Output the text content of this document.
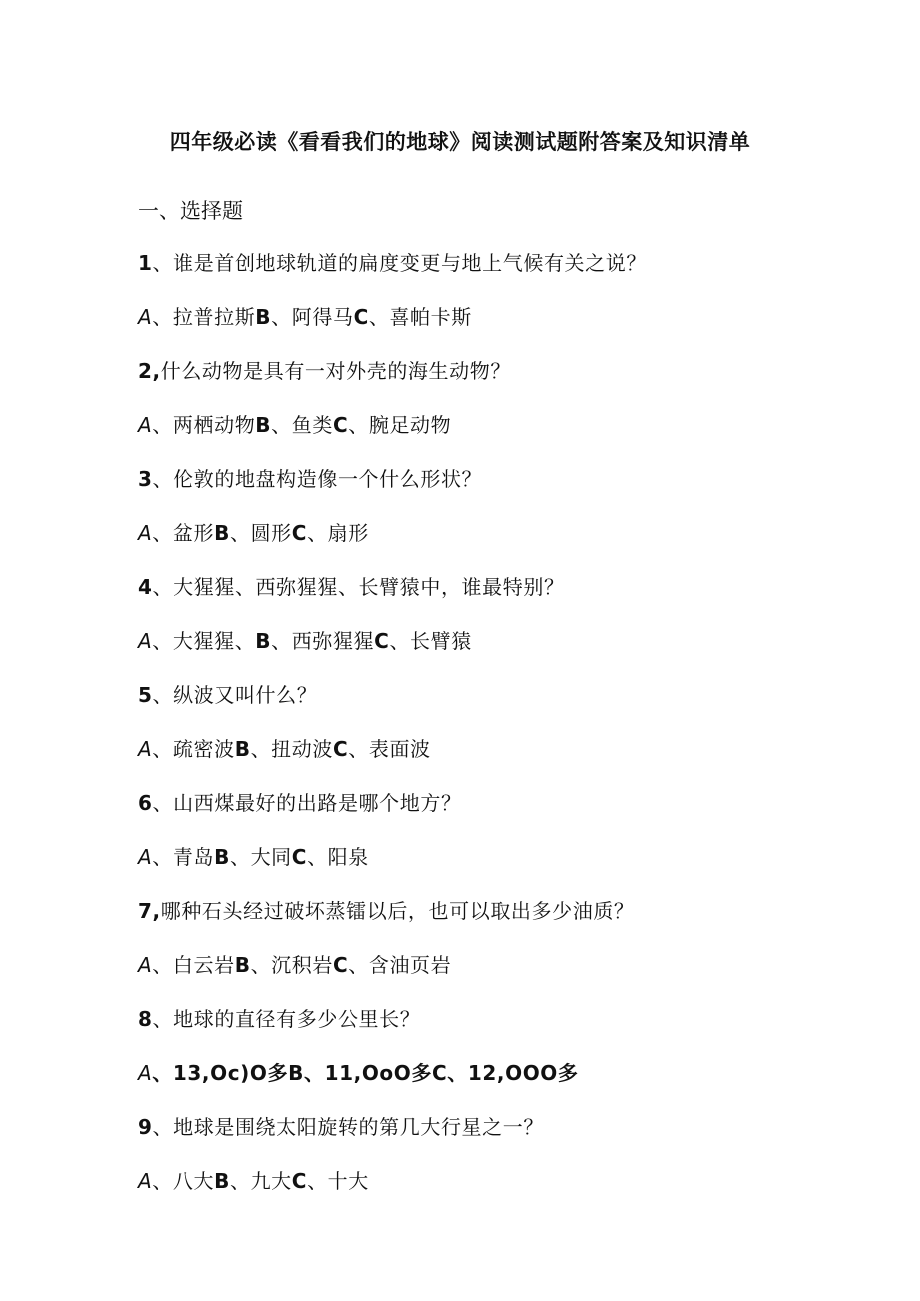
四年级必读《看看我们的地球》阅读测试题附答案及知识清单
一、选择题
1、谁是首创地球轨道的扁度变更与地上气候有关之说？
A、拉普拉斯B、阿得马C、喜帕卡斯
2,什么动物是具有一对外壳的海生动物？
A、两栖动物B、鱼类C、腕足动物
3、伦敦的地盘构造像一个什么形状？
A、盆形B、圆形C、扇形
4、大猩猩、西弥猩猩、长臂猿中，谁最特别？
A、大猩猩、B、西弥猩猩C、长臂猿
5、纵波又叫什么？
A、疏密波B、扭动波C、表面波
6、山西煤最好的出路是哪个地方？
A、青岛B、大同C、阳泉
7,哪种石头经过破坏蒸镭以后，也可以取出多少油质？
A、白云岩B、沉积岩C、含油页岩
8、地球的直径有多少公里长？
A、13,Oc)O多B、11,OoO多C、12,OOO多
9、地球是围绕太阳旋转的第几大行星之一？
A、八大B、九大C、十大
